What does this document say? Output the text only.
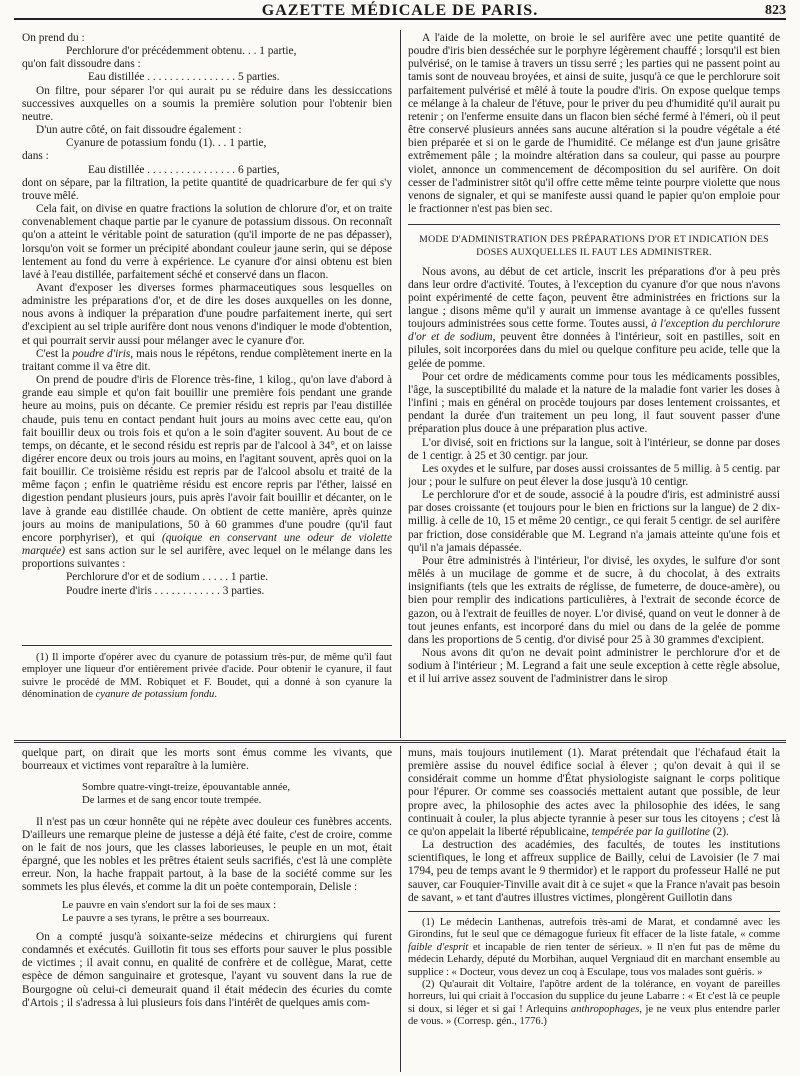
GAZETTE MÉDICALE DE PARIS.	823

On prend du :

Perchlorure d'or précédemment obtenu. . . 1 partie,

qu'on fait dissoudre dans :

Eau distillée . . . . . . . . . . . . . . . . 5 parties.

On filtre, pour séparer l'or qui aurait pu se réduire dans les dessiccations successives auxquelles on a soumis la première solution pour l'obtenir bien neutre.

D'un autre côté, on fait dissoudre également :

Cyanure de potassium fondu (1). . . 1 partie,

dans :

Eau distillée . . . . . . . . . . . . . . . . 6 parties,

dont on sépare, par la filtration, la petite quantité de quadricarbure de fer qui s'y trouve mêlé.

Cela fait, on divise en quatre fractions la solution de chlorure d'or, et on traite convenablement chaque partie par le cyanure de potassium dissous. On reconnaît qu'on a atteint le véritable point de saturation (qu'il importe de ne pas dépasser), lorsqu'on voit se former un précipité abondant couleur jaune serin, qui se dépose lentement au fond du verre à expérience. Le cyanure d'or ainsi obtenu est bien lavé à l'eau distillée, parfaitement séché et conservé dans un flacon.

Avant d'exposer les diverses formes pharmaceutiques sous lesquelles on administre les préparations d'or, et de dire les doses auxquelles on les donne, nous avons à indiquer la préparation d'une poudre parfaitement inerte, qui sert d'excipient au sel triple aurifère dont nous venons d'indiquer le mode d'obtention, et qui pourrait servir aussi pour mélanger avec le cyanure d'or.

C'est la poudre d'iris, mais nous le répétons, rendue complètement inerte en la traitant comme il va être dit.

On prend de poudre d'iris de Florence très-fine, 1 kilog., qu'on lave d'abord à grande eau simple et qu'on fait bouillir une première fois pendant une grande heure au moins, puis on décante. Ce premier résidu est repris par l'eau distillée chaude, puis tenu en contact pendant huit jours au moins avec cette eau, qu'on fait bouillir deux ou trois fois et qu'on a le soin d'agiter souvent. Au bout de ce temps, on décante, et le second résidu est repris par de l'alcool à 34°, et on laisse digérer encore deux ou trois jours au moins, en l'agitant souvent, après quoi on la fait bouillir. Ce troisième résidu est repris par de l'alcool absolu et traité de la même façon ; enfin le quatrième résidu est encore repris par l'éther, laissé en digestion pendant plusieurs jours, puis après l'avoir fait bouillir et décanter, on le lave à grande eau distillée chaude. On obtient de cette manière, après quinze jours au moins de manipulations, 50 à 60 grammes d'une poudre (qu'il faut encore porphyriser), et qui (quoique en conservant une odeur de violette marquée) est sans action sur le sel aurifère, avec lequel on le mélange dans les proportions suivantes :

Perchlorure d'or et de sodium . . . . . 1 partie.

Poudre inerte d'iris . . . . . . . . . . . . 3 parties.

(1) Il importe d'opérer avec du cyanure de potassium très-pur, de même qu'il faut employer une liqueur d'or entièrement privée d'acide. Pour obtenir le cyanure, il faut suivre le procédé de MM. Robiquet et F. Boudet, qui a donné à son cyanure la dénomination de cyanure de potassium fondu.

A l'aide de la molette, on broie le sel aurifère avec une petite quantité de poudre d'iris bien desséchée sur le porphyre légèrement chauffé ; lorsqu'il est bien pulvérisé, on le tamise à travers un tissu serré ; les parties qui ne passent point au tamis sont de nouveau broyées, et ainsi de suite, jusqu'à ce que le perchlorure soit parfaitement pulvérisé et mêlé à toute la poudre d'iris. On expose quelque temps ce mélange à la chaleur de l'étuve, pour le priver du peu d'humidité qu'il aurait pu retenir ; on l'enferme ensuite dans un flacon bien séché fermé à l'émeri, où il peut être conservé plusieurs années sans aucune altération si la poudre végétale a été bien préparée et si on le garde de l'humidité. Ce mélange est d'un jaune grisâtre extrêmement pâle ; la moindre altération dans sa couleur, qui passe au pourpre violet, annonce un commencement de décomposition du sel aurifère. On doit cesser de l'administrer sitôt qu'il offre cette même teinte pourpre violette que nous venons de signaler, et qui se manifeste aussi quand le papier qu'on emploie pour le fractionner n'est pas bien sec.

MODE D'ADMINISTRATION DES PRÉPARATIONS D'OR ET INDICATION DES DOSES AUXQUELLES IL FAUT LES ADMINISTRER.

Nous avons, au début de cet article, inscrit les préparations d'or à peu près dans leur ordre d'activité. Toutes, à l'exception du cyanure d'or que nous n'avons point expérimenté de cette façon, peuvent être administrées en frictions sur la langue ; disons même qu'il y aurait un immense avantage à ce qu'elles fussent toujours administrées sous cette forme. Toutes aussi, à l'exception du perchlorure d'or et de sodium, peuvent être données à l'intérieur, soit en pastilles, soit en pilules, soit incorporées dans du miel ou quelque confiture peu acide, telle que la gelée de pomme.

Pour cet ordre de médicaments comme pour tous les médicaments possibles, l'âge, la susceptibilité du malade et la nature de la maladie font varier les doses à l'infini ; mais en général on procède toujours par doses lentement croissantes, et pendant la durée d'un traitement un peu long, il faut souvent passer d'une préparation plus douce à une préparation plus active.

L'or divisé, soit en frictions sur la langue, soit à l'intérieur, se donne par doses de 1 centigr. à 25 et 30 centigr. par jour.

Les oxydes et le sulfure, par doses aussi croissantes de 5 millig. à 5 centig. par jour ; pour le sulfure on peut élever la dose jusqu'à 10 centigr.

Le perchlorure d'or et de soude, associé à la poudre d'iris, est administré aussi par doses croissante (et toujours pour le bien en frictions sur la langue) de 2 dix-millig. à celle de 10, 15 et même 20 centigr., ce qui ferait 5 centigr. de sel aurifère par friction, dose considérable que M. Legrand n'a jamais atteinte qu'une fois et qu'il n'a jamais dépassée.

Pour être administrés à l'intérieur, l'or divisé, les oxydes, le sulfure d'or sont mêlés à un mucilage de gomme et de sucre, à du chocolat, à des extraits insignifiants (tels que les extraits de réglisse, de fumeterre, de douce-amère), ou bien pour remplir des indications particulières, à l'extrait de seconde écorce de gazon, ou à l'extrait de feuilles de noyer. L'or divisé, quand on veut le donner à de tout jeunes enfants, est incorporé dans du miel ou dans de la gelée de pomme dans les proportions de 5 centig. d'or divisé pour 25 à 30 grammes d'excipient.

Nous avons dit qu'on ne devait point administrer le perchlorure d'or et de sodium à l'intérieur ; M. Legrand a fait une seule exception à cette règle absolue, et il lui arrive assez souvent de l'administrer dans le sirop

quelque part, on dirait que les morts sont émus comme les vivants, que bourreaux et victimes vont reparaître à la lumière.

Sombre quatre-vingt-treize, épouvantable année,

De larmes et de sang encor toute trempée.

Il n'est pas un cœur honnête qui ne répète avec douleur ces funèbres accents. D'ailleurs une remarque pleine de justesse a déjà été faite, c'est de croire, comme on le fait de nos jours, que les classes laborieuses, le peuple en un mot, était épargné, que les nobles et les prêtres étaient seuls sacrifiés, c'est là une complète erreur. Non, la hache frappait partout, à la base de la société comme sur les sommets les plus élevés, et comme la dit un poète contemporain, Delisle :

Le pauvre en vain s'endort sur la foi de ses maux :

Le pauvre a ses tyrans, le prêtre a ses bourreaux.

On a compté jusqu'à soixante-seize médecins et chirurgiens qui furent condamnés et exécutés. Guillotin fit tous ses efforts pour sauver le plus possible de victimes ; il avait connu, en qualité de confrère et de collègue, Marat, cette espèce de démon sanguinaire et grotesque, l'ayant vu souvent dans la rue de Bourgogne où celui-ci demeurait quand il était médecin des écuries du comte d'Artois ; il s'adressa à lui plusieurs fois dans l'intérêt de quelques amis com-

muns, mais toujours inutilement (1). Marat prétendait que l'échafaud était la première assise du nouvel édifice social à élever ; qu'on devait à qui il se considérait comme un homme d'État physiologiste saignant le corps politique pour l'épurer. Or comme ses coassociés mettaient autant que possible, de leur propre avec, la philosophie des actes avec la philosophie des idées, le sang continuait à couler, la plus abjecte tyrannie à peser sur tous les citoyens ; c'est là ce qu'on appelait la liberté républicaine, tempérée par la guillotine (2).

La destruction des académies, des facultés, de toutes les institutions scientifiques, le long et affreux supplice de Bailly, celui de Lavoisier (le 7 mai 1794, peu de temps avant le 9 thermidor) et le rapport du professeur Hallé ne put sauver, car Fouquier-Tinville avait dit à ce sujet « que la France n'avait pas besoin de savant, » et tant d'autres illustres victimes, plongèrent Guillotin dans

(1) Le médecin Lanthenas, autrefois très-ami de Marat, et condamné avec les Girondins, fut le seul que ce démagogue furieux fit effacer de la liste fatale, « comme faible d'esprit et incapable de rien tenter de sérieux. » Il n'en fut pas de même du médecin Lehardy, député du Morbihan, auquel Vergniaud dit en marchant ensemble au supplice : « Docteur, vous devez un coq à Esculape, tous vos malades sont guéris. »

(2) Qu'aurait dit Voltaire, l'apôtre ardent de la tolérance, en voyant de pareilles horreurs, lui qui criait à l'occasion du supplice du jeune Labarre : « Et c'est là ce peuple si doux, si léger et si gai ! Arlequins anthropophages, je ne veux plus entendre parler de vous. » (Corresp. gén., 1776.)
